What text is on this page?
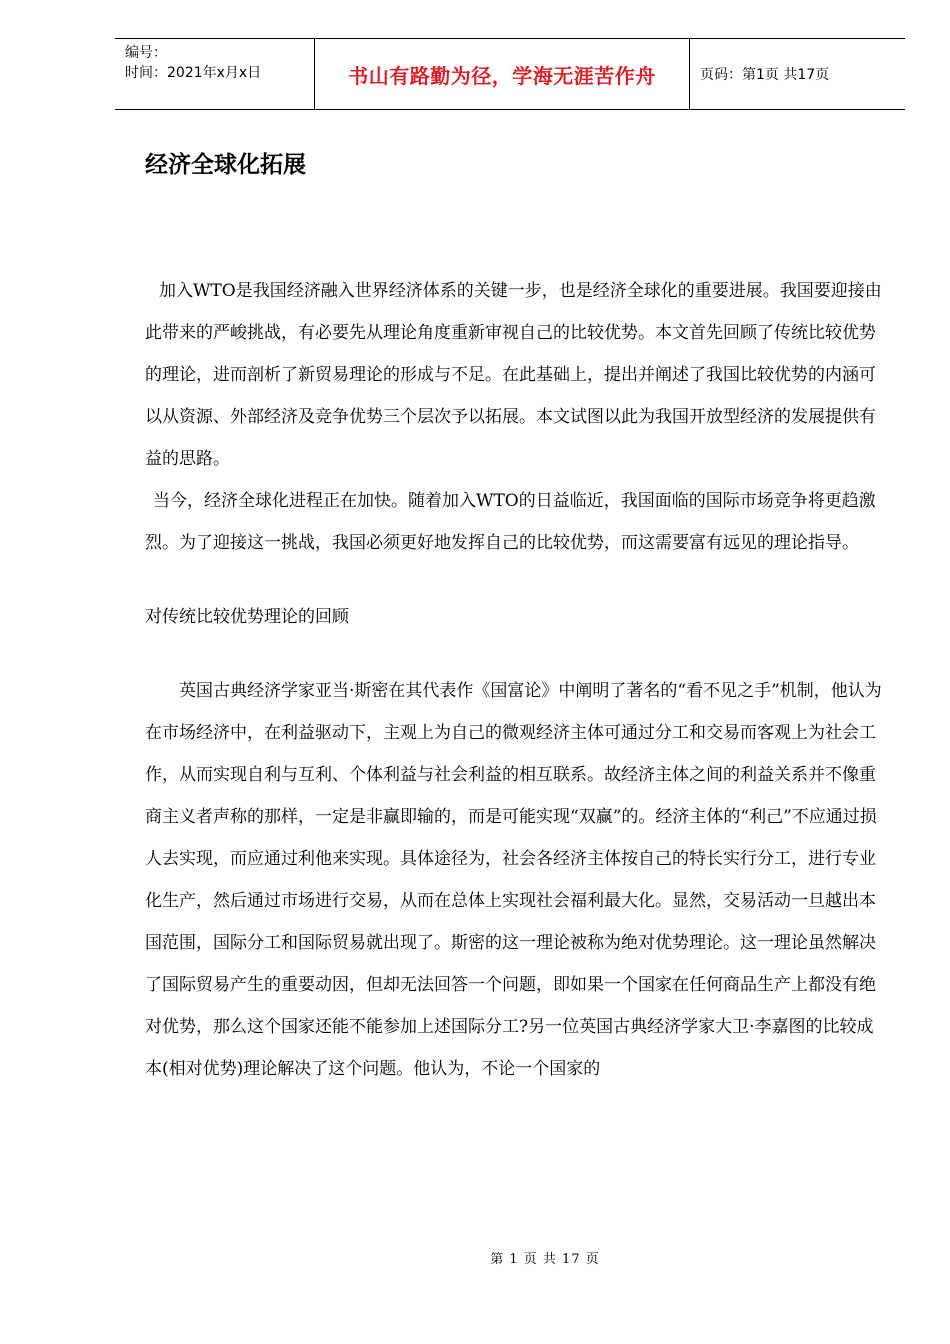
编号：
时间：2021年x月x日	书山有路勤为径，学海无涯苦作舟	页码：第1页 共17页
经济全球化拓展

加入WTO是我国经济融入世界经济体系的关键一步，也是经济全球化的重要进展。我国要迎接由此带来的严峻挑战，有必要先从理论角度重新审视自己的比较优势。本文首先回顾了传统比较优势的理论，进而剖析了新贸易理论的形成与不足。在此基础上，提出并阐述了我国比较优势的内涵可以从资源、外部经济及竞争优势三个层次予以拓展。本文试图以此为我国开放型经济的发展提供有益的思路。

当今，经济全球化进程正在加快。随着加入WTO的日益临近，我国面临的国际市场竞争将更趋激烈。为了迎接这一挑战，我国必须更好地发挥自己的比较优势，而这需要富有远见的理论指导。

对传统比较优势理论的回顾

英国古典经济学家亚当·斯密在其代表作《国富论》中阐明了著名的“看不见之手”机制，他认为在市场经济中，在利益驱动下，主观上为自己的微观经济主体可通过分工和交易而客观上为社会工作，从而实现自利与互利、个体利益与社会利益的相互联系。故经济主体之间的利益关系并不像重商主义者声称的那样，一定是非赢即输的，而是可能实现“双赢”的。经济主体的“利己”不应通过损人去实现，而应通过利他来实现。具体途径为，社会各经济主体按自己的特长实行分工，进行专业化生产，然后通过市场进行交易，从而在总体上实现社会福利最大化。显然，交易活动一旦越出本国范围，国际分工和国际贸易就出现了。斯密的这一理论被称为绝对优势理论。这一理论虽然解决了国际贸易产生的重要动因，但却无法回答一个问题，即如果一个国家在任何商品生产上都没有绝对优势，那么这个国家还能不能参加上述国际分工?另一位英国古典经济学家大卫·李嘉图的比较成本(相对优势)理论解决了这个问题。他认为，不论一个国家的

第 1 页 共 17 页
